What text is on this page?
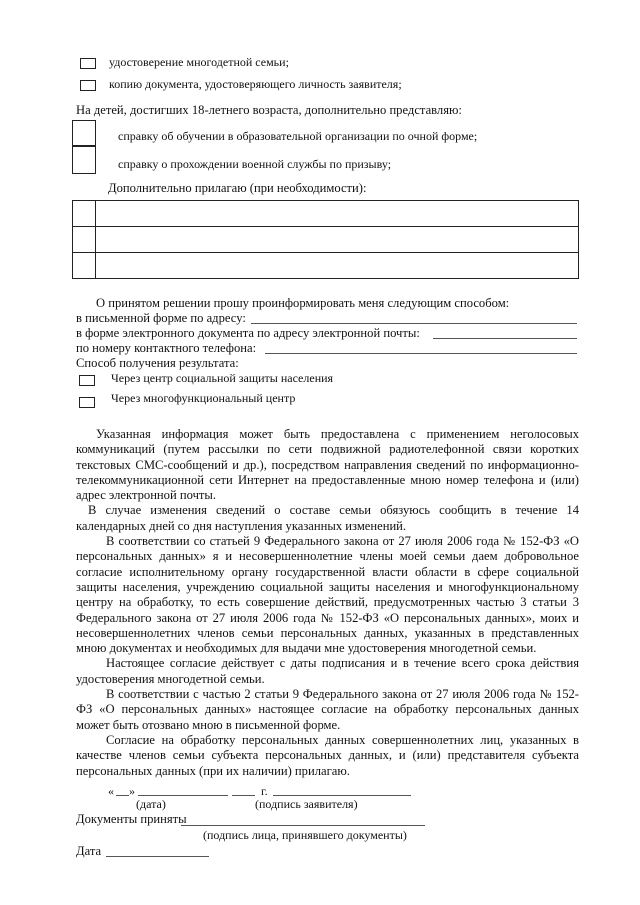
удостоверение многодетной семьи;
копию документа, удостоверяющего личность заявителя;
На детей, достигших 18-летнего возраста, дополнительно представляю:
справку об обучении в образовательной организации по очной форме;
справку о прохождении военной службы по призыву;
Дополнительно прилагаю (при необходимости):

О принятом решении прошу проинформировать меня следующим способом:
в письменной форме по адресу:
в форме электронного документа по адресу электронной почты:
по номеру контактного телефона:
Способ получения результата:
Через центр социальной защиты населения
Через многофункциональный центр

Указанная информация может быть предоставлена с применением неголосовых коммуникаций (путем рассылки по сети подвижной радиотелефонной связи коротких текстовых СМС-сообщений и др.), посредством направления сведений по информационно-телекоммуникационной сети Интернет на предоставленные мною номер телефона и (или) адрес электронной почты.

В случае изменения сведений о составе семьи обязуюсь сообщить в течение 14 календарных дней со дня наступления указанных изменений.

В соответствии со статьей 9 Федерального закона от 27 июля 2006 года № 152-ФЗ «О персональных данных» я и несовершеннолетние члены моей семьи даем добровольное согласие исполнительному органу государственной власти области в сфере социальной защиты населения, учреждению социальной защиты населения и многофункциональному центру на обработку, то есть совершение действий, предусмотренных частью 3 статьи 3 Федерального закона от 27 июля 2006 года № 152-ФЗ «О персональных данных», моих и несовершеннолетних членов семьи персональных данных, указанных в представленных мною документах и необходимых для выдачи мне удостоверения многодетной семьи.

Настоящее согласие действует с даты подписания и в течение всего срока действия удостоверения многодетной семьи.

В соответствии с частью 2 статьи 9 Федерального закона от 27 июля 2006 года № 152-ФЗ «О персональных данных» настоящее согласие на обработку персональных данных может быть отозвано мною в письменной форме.

Согласие на обработку персональных данных совершеннолетних лиц, указанных в качестве членов семьи субъекта персональных данных, и (или) представителя субъекта персональных данных (при их наличии) прилагаю.

« »	г.
(дата)	(подпись заявителя)
Документы приняты
(подпись лица, принявшего документы)
Дата
